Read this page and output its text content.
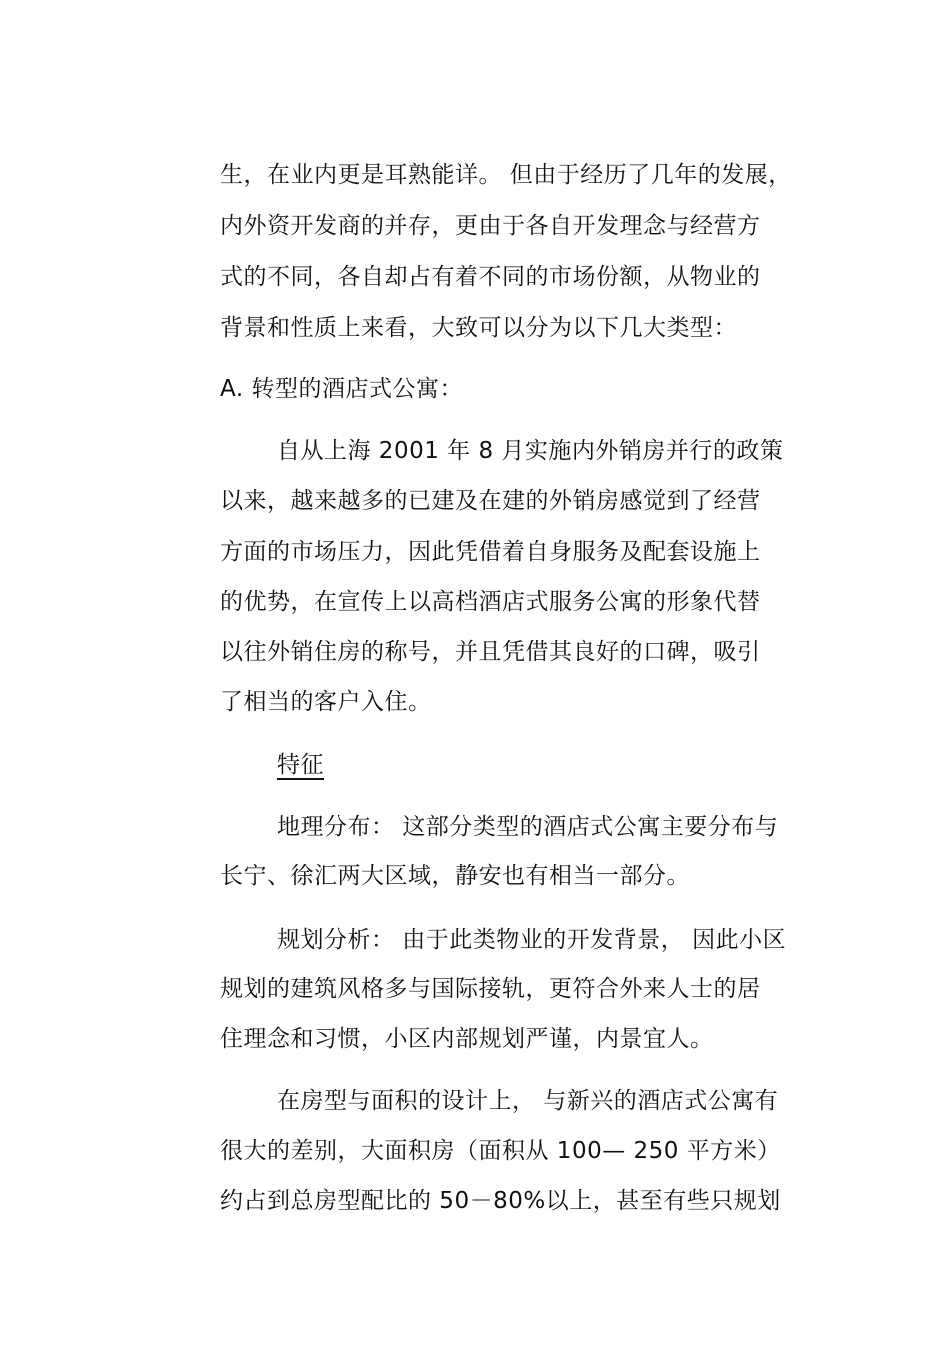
生，在业内更是耳熟能详。 但由于经历了几年的发展，
内外资开发商的并存，更由于各自开发理念与经营方
式的不同，各自却占有着不同的市场份额，从物业的
背景和性质上来看，大致可以分为以下几大类型：
A. 转型的酒店式公寓：
自从上海 2001 年 8 月实施内外销房并行的政策
以来，越来越多的已建及在建的外销房感觉到了经营
方面的市场压力，因此凭借着自身服务及配套设施上
的优势，在宣传上以高档酒店式服务公寓的形象代替
以往外销住房的称号，并且凭借其良好的口碑，吸引
了相当的客户入住。
特征
地理分布： 这部分类型的酒店式公寓主要分布与
长宁、徐汇两大区域，静安也有相当一部分。
规划分析： 由于此类物业的开发背景， 因此小区
规划的建筑风格多与国际接轨，更符合外来人士的居
住理念和习惯，小区内部规划严谨，内景宜人。
在房型与面积的设计上， 与新兴的酒店式公寓有
很大的差别，大面积房（面积从 100— 250 平方米）
约占到总房型配比的 50－80%以上，甚至有些只规划
